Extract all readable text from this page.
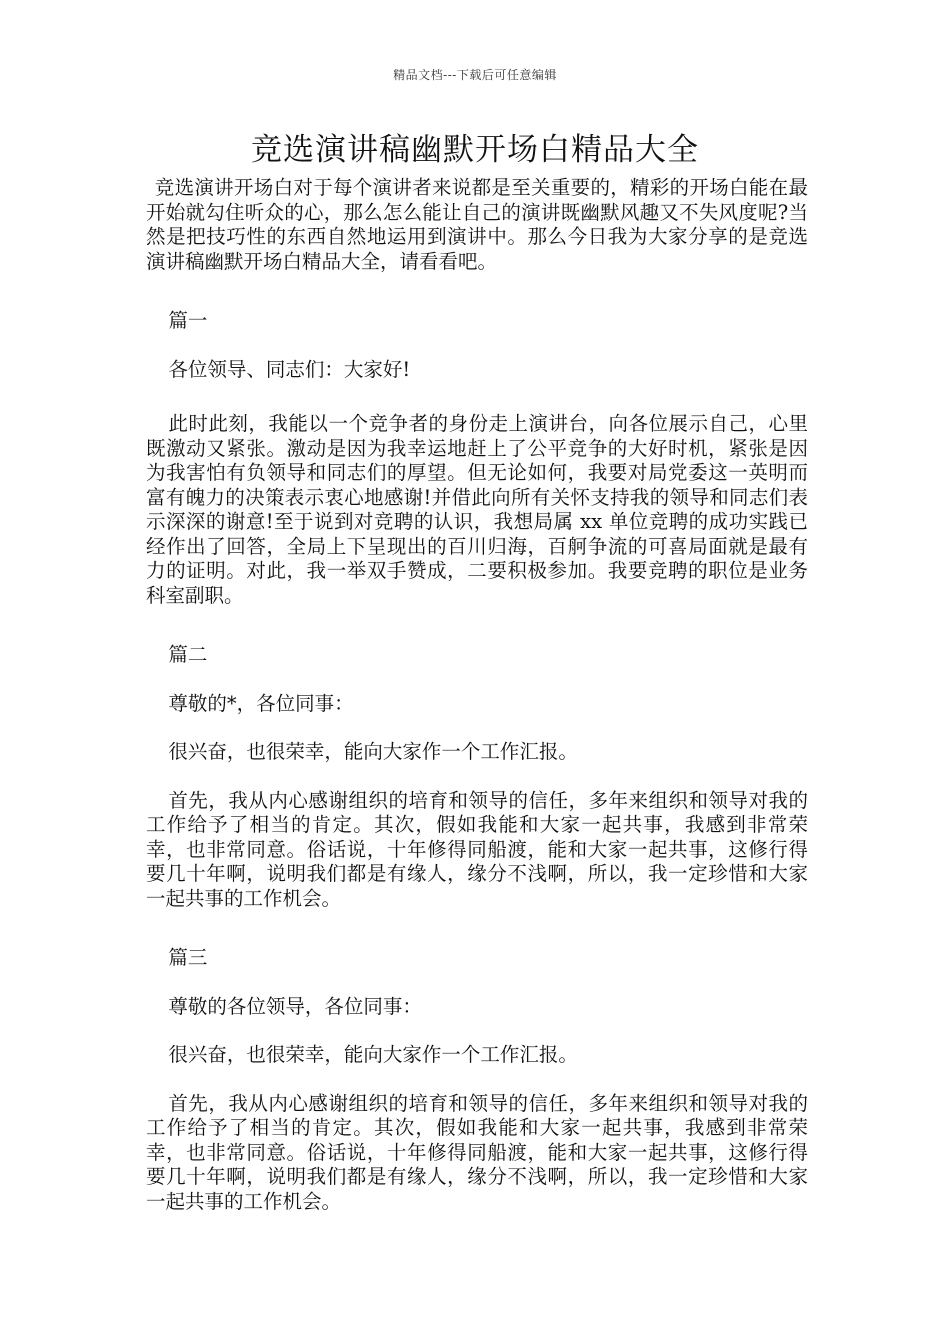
精品文档---下载后可任意编辑
竞选演讲稿幽默开场白精品大全

竞选演讲开场白对于每个演讲者来说都是至关重要的，精彩的开场白能在最开始就勾住听众的心，那么怎么能让自己的演讲既幽默风趣又不失风度呢?当然是把技巧性的东西自然地运用到演讲中。那么今日我为大家分享的是竞选演讲稿幽默开场白精品大全，请看看吧。

篇一

各位领导、同志们：大家好!

此时此刻，我能以一个竞争者的身份走上演讲台，向各位展示自己，心里既激动又紧张。激动是因为我幸运地赶上了公平竞争的大好时机，紧张是因为我害怕有负领导和同志们的厚望。但无论如何，我要对局党委这一英明而富有魄力的决策表示衷心地感谢!并借此向所有关怀支持我的领导和同志们表示深深的谢意!至于说到对竞聘的认识，我想局属 xx 单位竞聘的成功实践已经作出了回答，全局上下呈现出的百川归海，百舸争流的可喜局面就是最有力的证明。对此，我一举双手赞成，二要积极参加。我要竞聘的职位是业务科室副职。

篇二

尊敬的*，各位同事：

很兴奋，也很荣幸，能向大家作一个工作汇报。

首先，我从内心感谢组织的培育和领导的信任，多年来组织和领导对我的工作给予了相当的肯定。其次，假如我能和大家一起共事，我感到非常荣幸，也非常同意。俗话说，十年修得同船渡，能和大家一起共事，这修行得要几十年啊，说明我们都是有缘人，缘分不浅啊，所以，我一定珍惜和大家一起共事的工作机会。

篇三

尊敬的各位领导，各位同事：

很兴奋，也很荣幸，能向大家作一个工作汇报。

首先，我从内心感谢组织的培育和领导的信任，多年来组织和领导对我的工作给予了相当的肯定。其次，假如我能和大家一起共事，我感到非常荣幸，也非常同意。俗话说，十年修得同船渡，能和大家一起共事，这修行得要几十年啊，说明我们都是有缘人，缘分不浅啊，所以，我一定珍惜和大家一起共事的工作机会。
